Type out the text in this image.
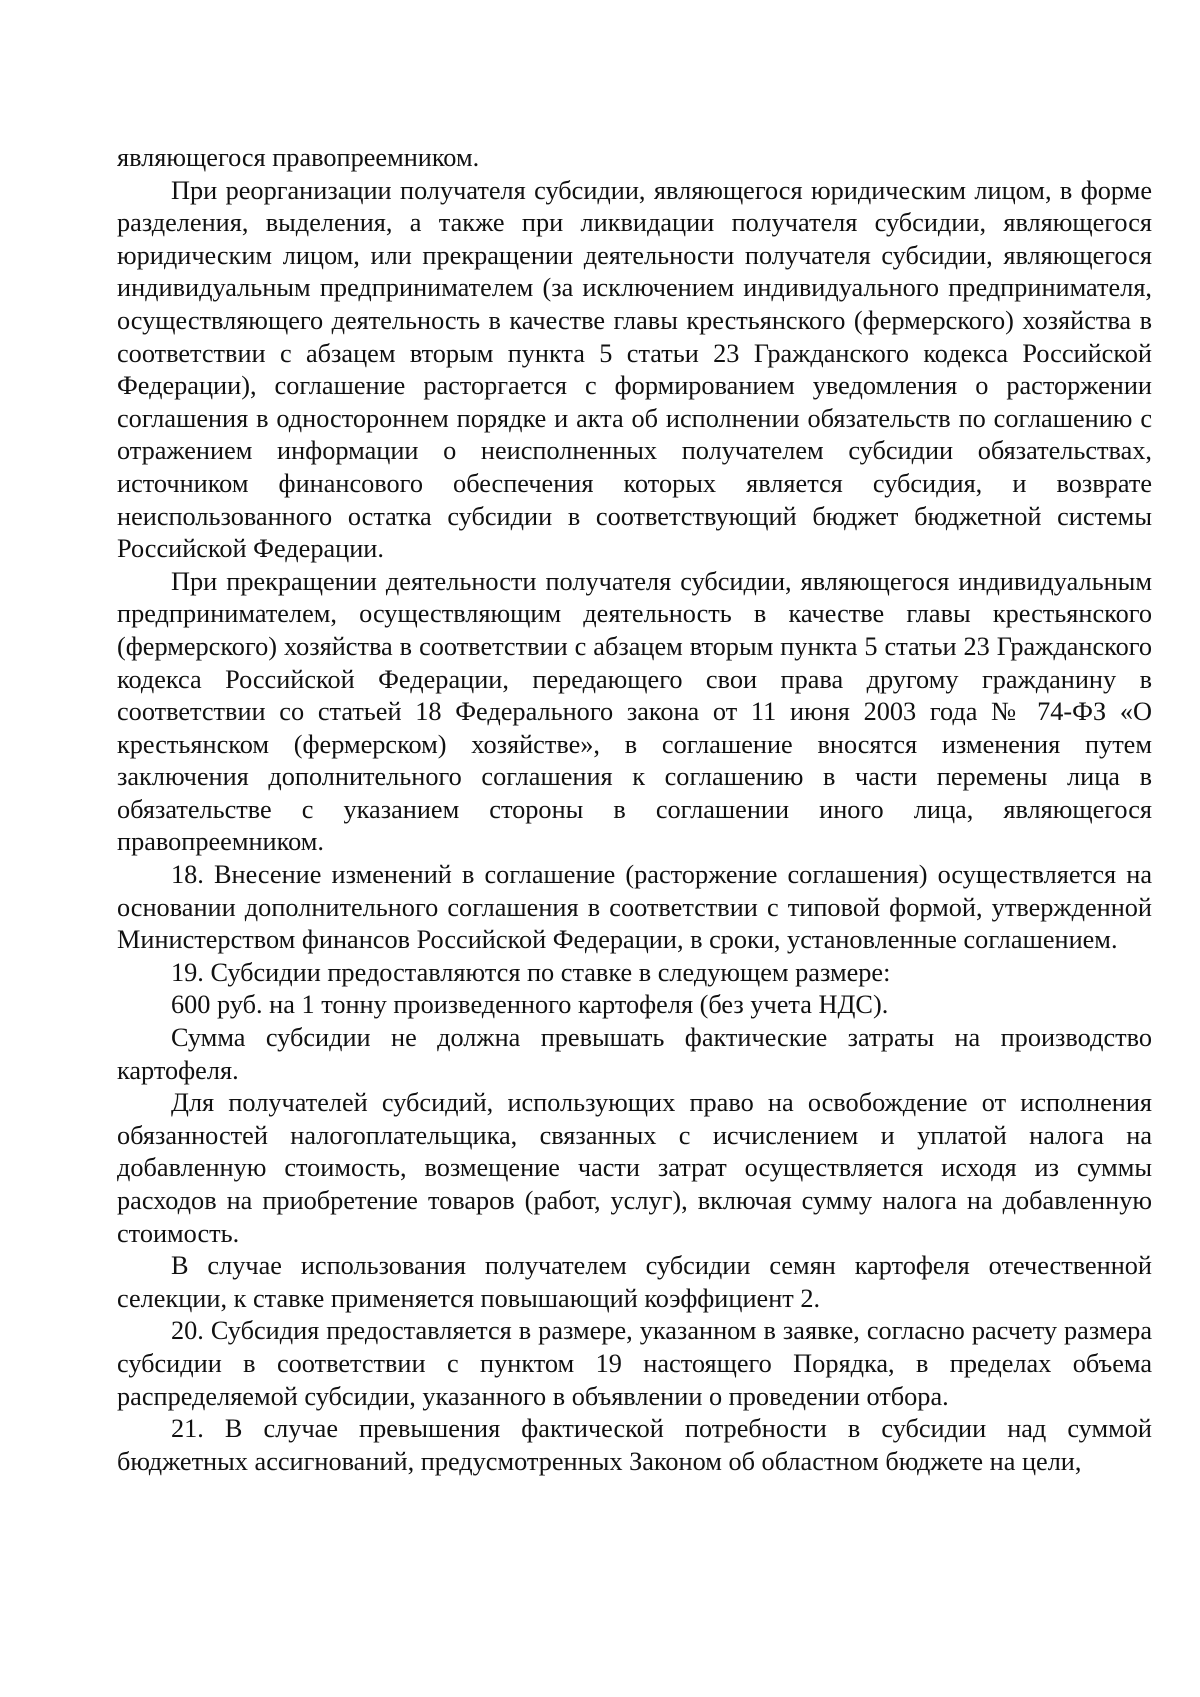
являющегося правопреемником.

При реорганизации получателя субсидии, являющегося юридическим лицом, в форме разделения, выделения, а также при ликвидации получателя субсидии, являющегося юридическим лицом, или прекращении деятельности получателя субсидии, являющегося индивидуальным предпринимателем (за исключением индивидуального предпринимателя, осуществляющего деятельность в качестве главы крестьянского (фермерского) хозяйства в соответствии с абзацем вторым пункта 5 статьи 23 Гражданского кодекса Российской Федерации), соглашение расторгается с формированием уведомления о расторжении соглашения в одностороннем порядке и акта об исполнении обязательств по соглашению с отражением информации о неисполненных получателем субсидии обязательствах, источником финансового обеспечения которых является субсидия, и возврате неиспользованного остатка субсидии в соответствующий бюджет бюджетной системы Российской Федерации.

При прекращении деятельности получателя субсидии, являющегося индивидуальным предпринимателем, осуществляющим деятельность в качестве главы крестьянского (фермерского) хозяйства в соответствии с абзацем вторым пункта 5 статьи 23 Гражданского кодекса Российской Федерации, передающего свои права другому гражданину в соответствии со статьей 18 Федерального закона от 11 июня 2003 года № 74-ФЗ «О крестьянском (фермерском) хозяйстве», в соглашение вносятся изменения путем заключения дополнительного соглашения к соглашению в части перемены лица в обязательстве с указанием стороны в соглашении иного лица, являющегося правопреемником.

18. Внесение изменений в соглашение (расторжение соглашения) осуществляется на основании дополнительного соглашения в соответствии с типовой формой, утвержденной Министерством финансов Российской Федерации, в сроки, установленные соглашением.

19. Субсидии предоставляются по ставке в следующем размере:

600 руб. на 1 тонну произведенного картофеля (без учета НДС).

Сумма субсидии не должна превышать фактические затраты на производство картофеля.

Для получателей субсидий, использующих право на освобождение от исполнения обязанностей налогоплательщика, связанных с исчислением и уплатой налога на добавленную стоимость, возмещение части затрат осуществляется исходя из суммы расходов на приобретение товаров (работ, услуг), включая сумму налога на добавленную стоимость.

В случае использования получателем субсидии семян картофеля отечественной селекции, к ставке применяется повышающий коэффициент 2.

20. Субсидия предоставляется в размере, указанном в заявке, согласно расчету размера субсидии в соответствии с пунктом 19 настоящего Порядка, в пределах объема распределяемой субсидии, указанного в объявлении о проведении отбора.

21. В случае превышения фактической потребности в субсидии над суммой бюджетных ассигнований, предусмотренных Законом об областном бюджете на цели,
